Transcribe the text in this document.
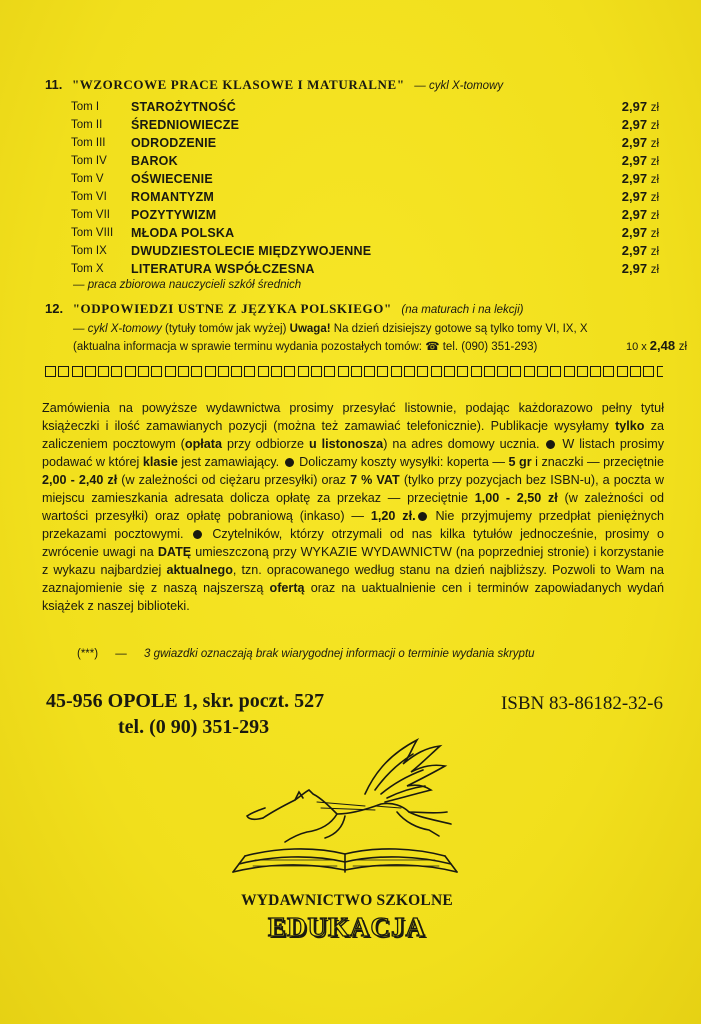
11. "WZORCOWE PRACE KLASOWE I MATURALNE" — cykl X-tomowy
Tom I	STAROŻYTNOŚĆ	2,97 zł
Tom II ŚREDNIOWIECZE	2,97 zł
Tom III ODRODZENIE	2,97 zł
Tom IV BAROK	2,97 zł
Tom V OŚWIECENIE	2,97 zł
Tom VI ROMANTYZM	2,97 zł
Tom VII POZYTYWIZM	2,97 zł
Tom VIII MŁODA POLSKA	2,97 zł
Tom IX DWUDZIESTOLECIE MIĘDZYWOJENNE	2,97 zł
Tom X LITERATURA WSPÓŁCZESNA	2,97 zł
— praca zbiorowa nauczycieli szkół średnich
12. "ODPOWIEDZI USTNE Z JĘZYKA POLSKIEGO" (na maturach i na lekcji)
— cykl X-tomowy (tytuły tomów jak wyżej) Uwaga! Na dzień dzisiejszy gotowe są tylko tomy VI, IX, X
(aktualna informacja w sprawie terminu wydania pozostałych tomów: ☎ tel. (090) 351-293)	10 x 2,48 zł
Zamówienia na powyższe wydawnictwa prosimy przesyłać listownie, podając każdorazowo pełny tytuł książeczki i ilość zamawianych pozycji (można też zamawiać telefonicznie). Publikacje wysyłamy tylko za zaliczeniem pocztowym (opłata przy odbiorze u listonosza) na adres domowy ucznia.  W listach prosimy podawać w której klasie jest zamawiający.  Doliczamy koszty wysyłki: koperta — 5 gr i znaczki — przeciętnie 2,00 - 2,40 zł (w zależności od ciężaru przesyłki) oraz 7 % VAT (tylko przy pozycjach bez ISBN-u), a poczta w miejscu zamieszkania adresata dolicza opłatę za przekaz — przeciętnie 1,00 - 2,50 zł (w zależności od wartości przesyłki) oraz opłatę pobraniową (inkaso) — 1,20 zł. Nie przyjmujemy przedpłat pieniężnych przekazami pocztowymi.  Czytelników, którzy otrzymali od nas kilka tytułów jednocześnie, prosimy o zwrócenie uwagi na DATĘ umieszczoną przy WYKAZIE WYDAWNICTW (na poprzedniej stronie) i korzystanie z wykazu najbardziej aktualnego, tzn. opracowanego według stanu na dzień najbliższy. Pozwoli to Wam na zaznajomienie się z naszą najszerszą ofertą oraz na uaktualnienie cen i terminów zapowiadanych wydań książek z naszej biblioteki.
(***) — 3 gwiazdki oznaczają brak wiarygodnej informacji o terminie wydania skryptu
45-956 OPOLE 1, skr. poczt. 527
tel. (0 90) 351-293
ISBN 83-86182-32-6
WYDAWNICTWO SZKOLNE
EDUKACJA
